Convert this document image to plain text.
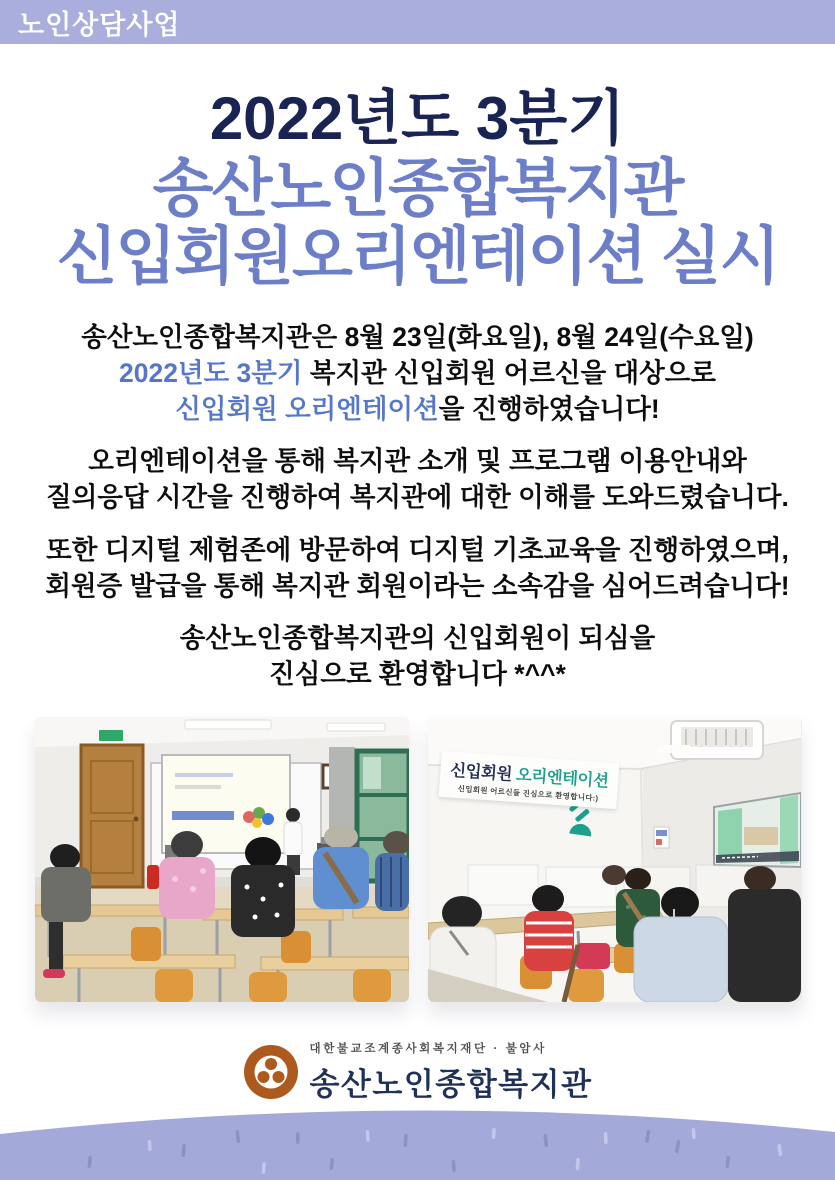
노인상담사업
2022년도 3분기
송산노인종합복지관
신입회원오리엔테이션 실시

송산노인종합복지관은 8월 23일(화요일), 8월 24일(수요일)
2022년도 3분기 복지관 신입회원 어르신을 대상으로
신입회원 오리엔테이션을 진행하였습니다!

오리엔테이션을 통해 복지관 소개 및 프로그램 이용안내와
질의응답 시간을 진행하여 복지관에 대한 이해를 도와드렸습니다.

또한 디지털 제험존에 방문하여 디지털 기초교육을 진행하였으며,
회원증 발급을 통해 복지관 회원이라는 소속감을 심어드려습니다!

송산노인종합복지관의 신입회원이 되심을
진심으로 환영합니다 *^^*

신입회원 오리엔테이션
신입회원 어르신들 진심으로 환영합니다:)
대한불교조계종사회복지재단 · 불암사
송산노인종합복지관
